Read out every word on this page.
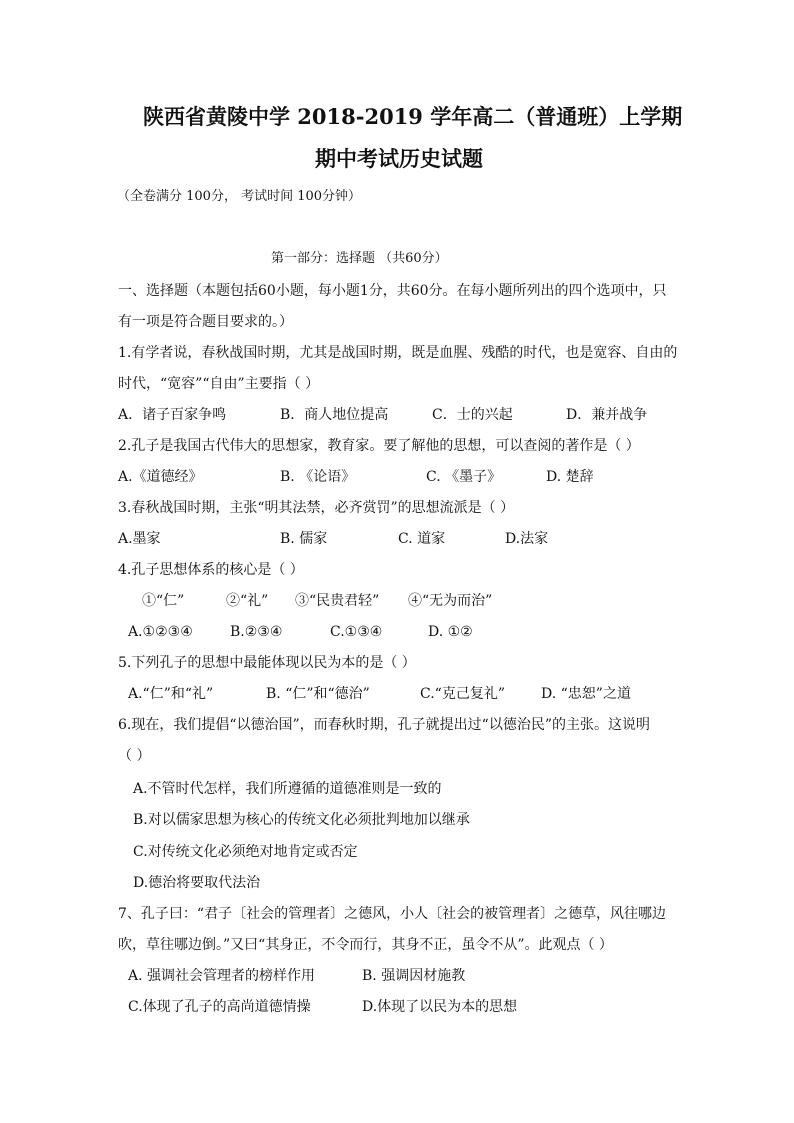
陕西省黄陵中学 2018-2019 学年高二（普通班）上学期
期中考试历史试题
（全卷满分 100分， 考试时间 100分钟）
第一部分：选择题 （共60分）
一、选择题（本题包括60小题，每小题1分，共60分。在每小题所列出的四个选项中，只
有一项是符合题目要求的。）
1.有学者说，春秋战国时期，尤其是战国时期，既是血腥、残酷的时代，也是宽容、自由的
时代，“宽容”“自由”主要指（ ）
A．诸子百家争鸣	B．商人地位提高	C．士的兴起	D．兼并战争
2.孔子是我国古代伟大的思想家，教育家。要了解他的思想，可以查阅的著作是（ ）
A.《道德经》	B. 《论语》	C. 《墨子》	D. 楚辞
3.春秋战国时期，主张“明其法禁，必齐赏罚”的思想流派是（ ）
A.墨家	B. 儒家	C. 道家	D.法家
4.孔子思想体系的核心是（ ）
①“仁”	②“礼” ③“民贵君轻” ④“无为而治”
A.①②③④	B.②③④	C.①③④	D. ①②
5.下列孔子的思想中最能体现以民为本的是（ ）
A.“仁”和“礼”	B. “仁”和“德治”	C.“克己复礼”	D. “忠恕”之道
6.现在，我们提倡“以德治国”，而春秋时期，孔子就提出过“以德治民”的主张。这说明
（ ）
A.不管时代怎样，我们所遵循的道德准则是一致的
B.对以儒家思想为核心的传统文化必须批判地加以继承
C.对传统文化必须绝对地肯定或否定
D.德治将要取代法治
7、孔子曰：“君子〔社会的管理者〕之德风，小人〔社会的被管理者〕之德草，风往哪边
吹，草往哪边倒。”又曰“其身正，不令而行，其身不正，虽令不从”。此观点（ ）
A. 强调社会管理者的榜样作用	B. 强调因材施教
C.体现了孔子的高尚道德情操	D.体现了以民为本的思想
